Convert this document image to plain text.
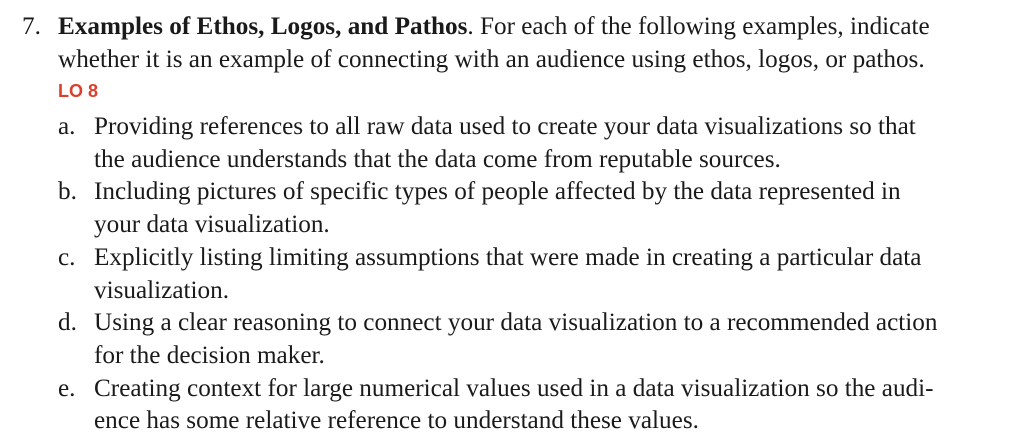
7. Examples of Ethos, Logos, and Pathos. For each of the following examples, indicate
whether it is an example of connecting with an audience using ethos, logos, or pathos.
LO 8
a. Providing references to all raw data used to create your data visualizations so that
the audience understands that the data come from reputable sources.
b. Including pictures of specific types of people affected by the data represented in
your data visualization.
c. Explicitly listing limiting assumptions that were made in creating a particular data
visualization.
d. Using a clear reasoning to connect your data visualization to a recommended action
for the decision maker.
e. Creating context for large numerical values used in a data visualization so the audi-
ence has some relative reference to understand these values.
